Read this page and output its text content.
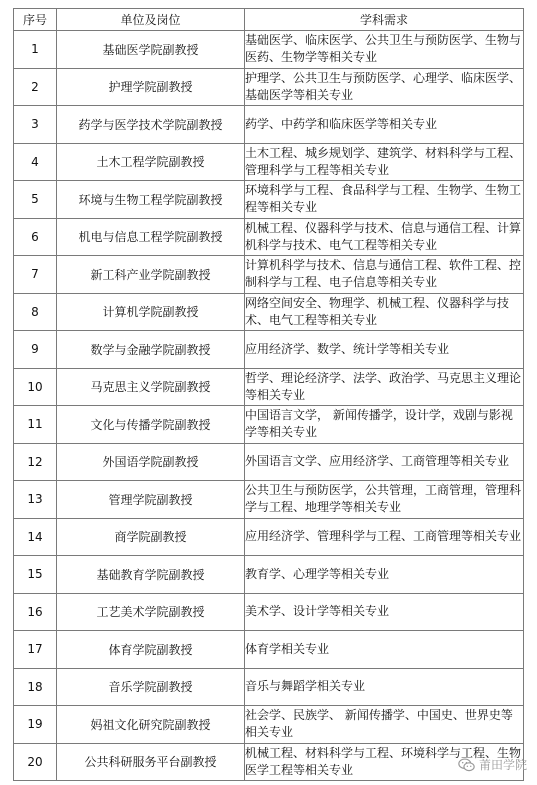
序号	单位及岗位	学科需求
1	基础医学院副教授	基础医学、临床医学、公共卫生与预防医学、生物与医药、生物学等相关专业
2	护理学院副教授	护理学、公共卫生与预防医学、心理学、临床医学、基础医学等相关专业
3	药学与医学技术学院副教授	药学、中药学和临床医学等相关专业
4	土木工程学院副教授	土木工程、城乡规划学、建筑学、材料科学与工程、管理科学与工程等相关专业
5	环境与生物工程学院副教授	环境科学与工程、食品科学与工程、生物学、生物工程等相关专业
6	机电与信息工程学院副教授	机械工程、仪器科学与技术、信息与通信工程、计算机科学与技术、电气工程等相关专业
7	新工科产业学院副教授	计算机科学与技术、信息与通信工程、软件工程、控制科学与工程、电子信息等相关专业
8	计算机学院副教授	网络空间安全、物理学、机械工程、仪器科学与技术、电气工程等相关专业
9	数学与金融学院副教授	应用经济学、数学、统计学等相关专业
10	马克思主义学院副教授	哲学、理论经济学、法学、政治学、马克思主义理论等相关专业
11	文化与传播学院副教授	中国语言文学， 新闻传播学，设计学，戏剧与影视学等相关专业
12	外国语学院副教授	外国语言文学、应用经济学、工商管理等相关专业
13	管理学院副教授	公共卫生与预防医学，公共管理，工商管理，管理科学与工程、地理学等相关专业
14	商学院副教授	应用经济学、管理科学与工程、工商管理等相关专业
15	基础教育学院副教授	教育学、心理学等相关专业
16	工艺美术学院副教授	美术学、设计学等相关专业
17	体育学院副教授	体育学相关专业
18	音乐学院副教授	音乐与舞蹈学相关专业
19	妈祖文化研究院副教授	社会学、民族学、 新闻传播学、中国史、世界史等相关专业
20	公共科研服务平台副教授	机械工程、材料科学与工程、环境科学与工程、生物医学工程等相关专业	莆田学院
